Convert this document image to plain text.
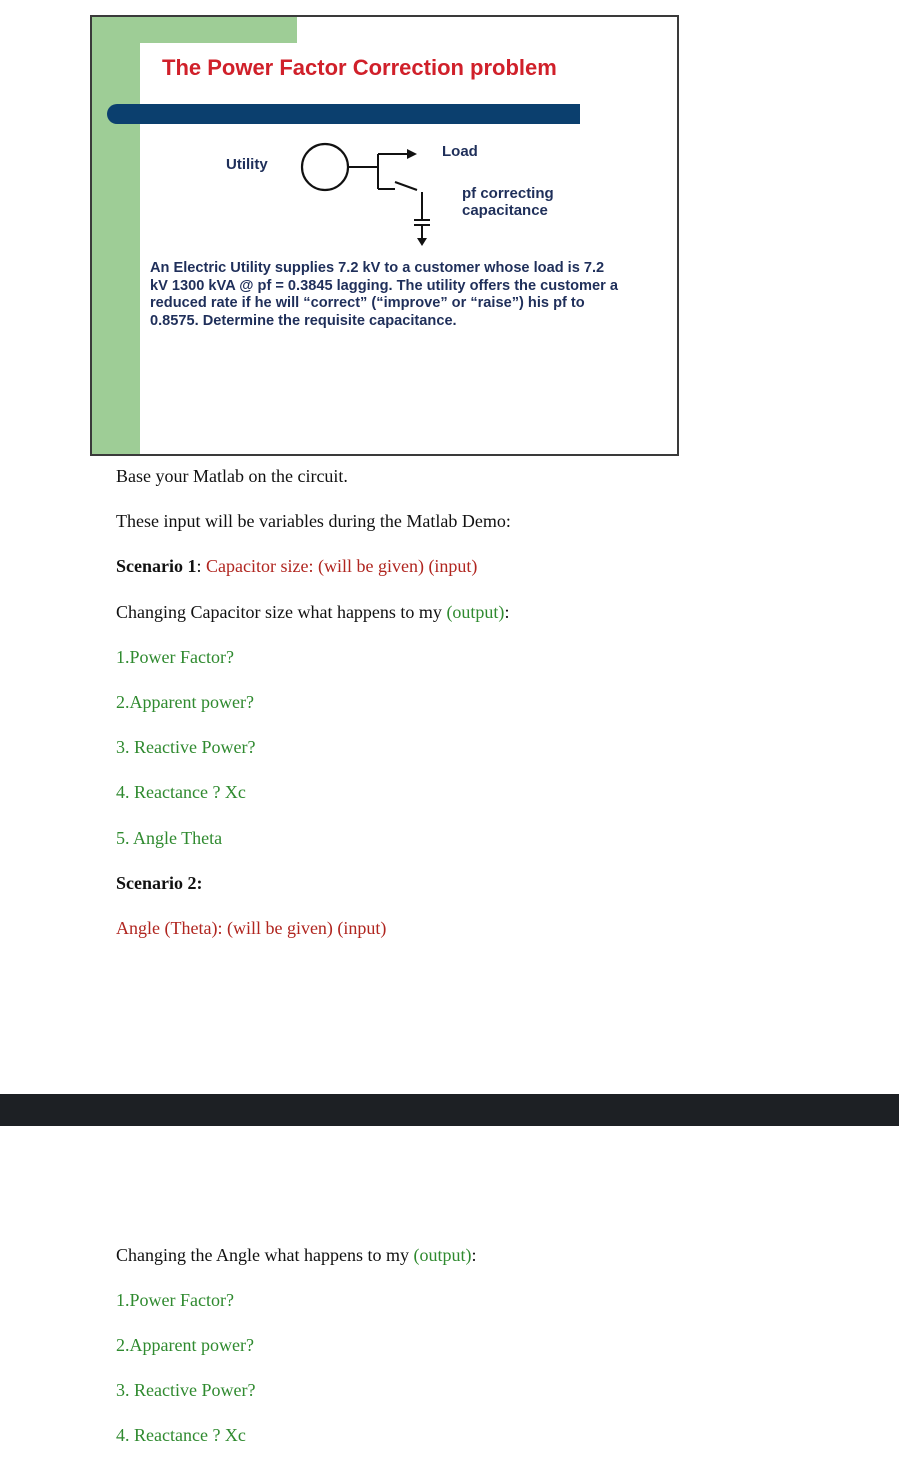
The Power Factor Correction problem
Utility
Load
pf correcting
capacitance
An Electric Utility supplies 7.2 kV to a customer whose load is 7.2 kV 1300 kVA @ pf = 0.3845 lagging. The utility offers the customer a reduced rate if he will “correct” (“improve” or “raise”) his pf to 0.8575. Determine the requisite capacitance.
Base your Matlab on the circuit.
These input will be variables during the Matlab Demo:
Scenario 1: Capacitor size: (will be given) (input)
Changing Capacitor size what happens to my (output):
1.Power Factor?
2.Apparent power?
3. Reactive Power?
4. Reactance ? Xc
5. Angle Theta
Scenario 2:
Angle (Theta): (will be given) (input)
Changing the Angle what happens to my (output):
1.Power Factor?
2.Apparent power?
3. Reactive Power?
4. Reactance ? Xc
